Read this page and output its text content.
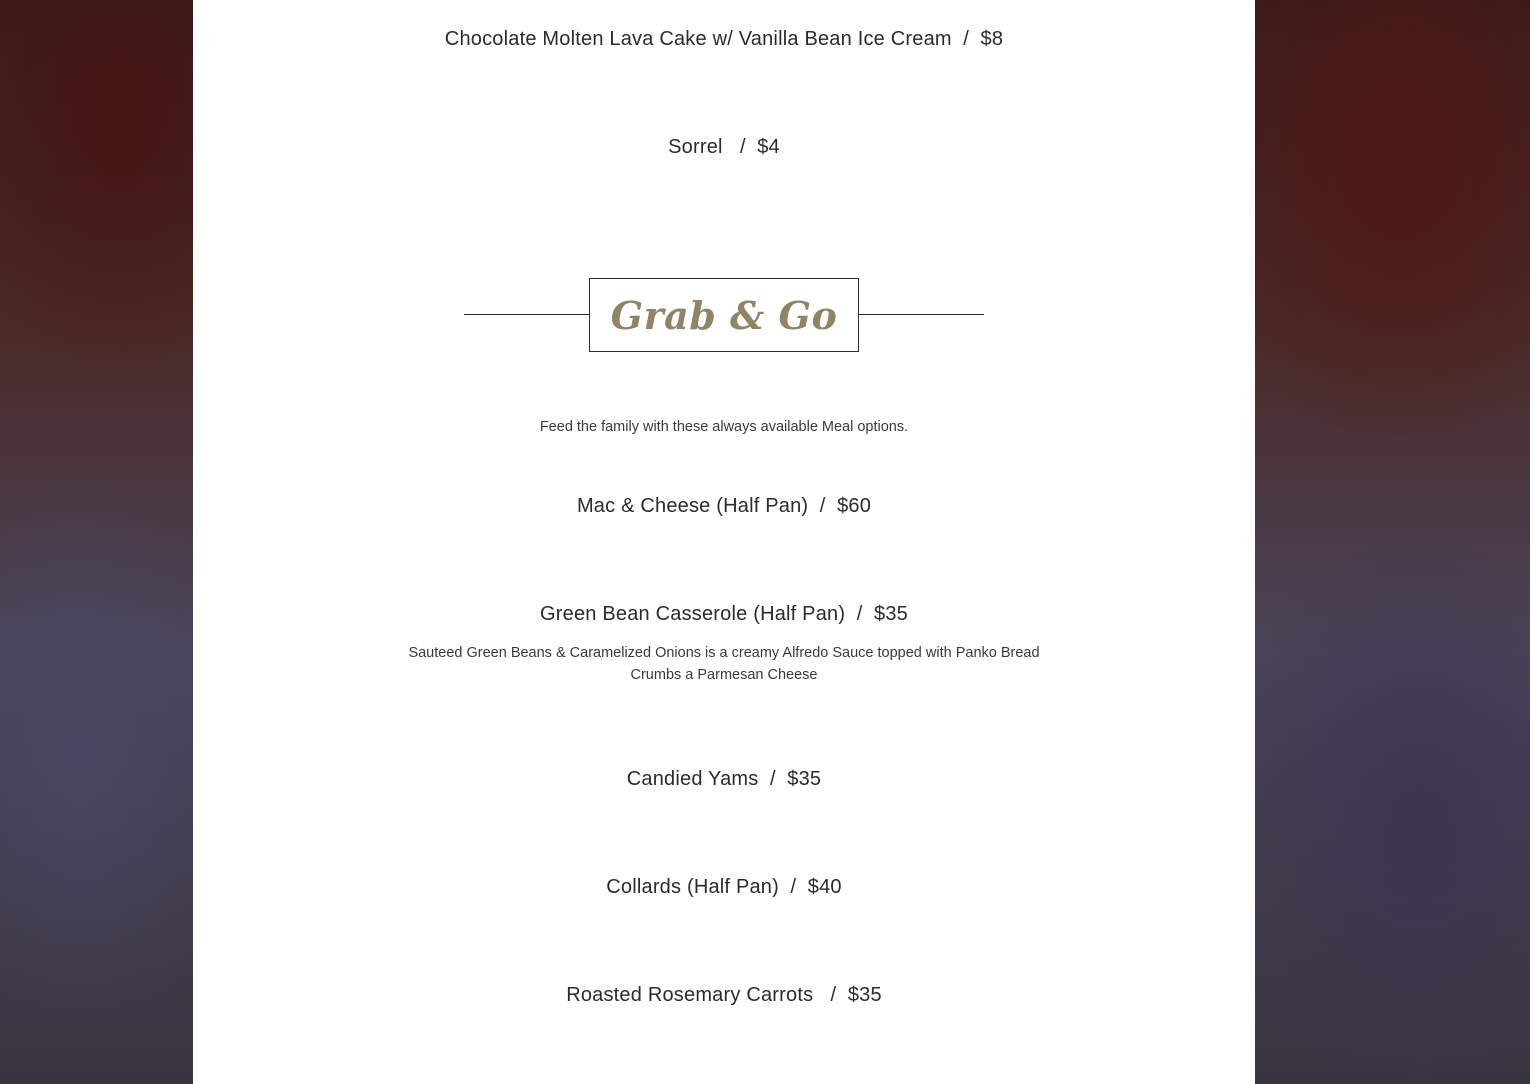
Chocolate Molten Lava Cake w/ Vanilla Bean Ice Cream  /  $8
Sorrel   /  $4
Grab & Go
Feed the family with these always available Meal options.
Mac & Cheese (Half Pan)  /  $60
Green Bean Casserole (Half Pan)  /  $35
Sauteed Green Beans & Caramelized Onions is a creamy Alfredo Sauce topped with Panko Bread Crumbs a Parmesan Cheese
Candied Yams  /  $35
Collards (Half Pan)  /  $40
Roasted Rosemary Carrots   /  $35
